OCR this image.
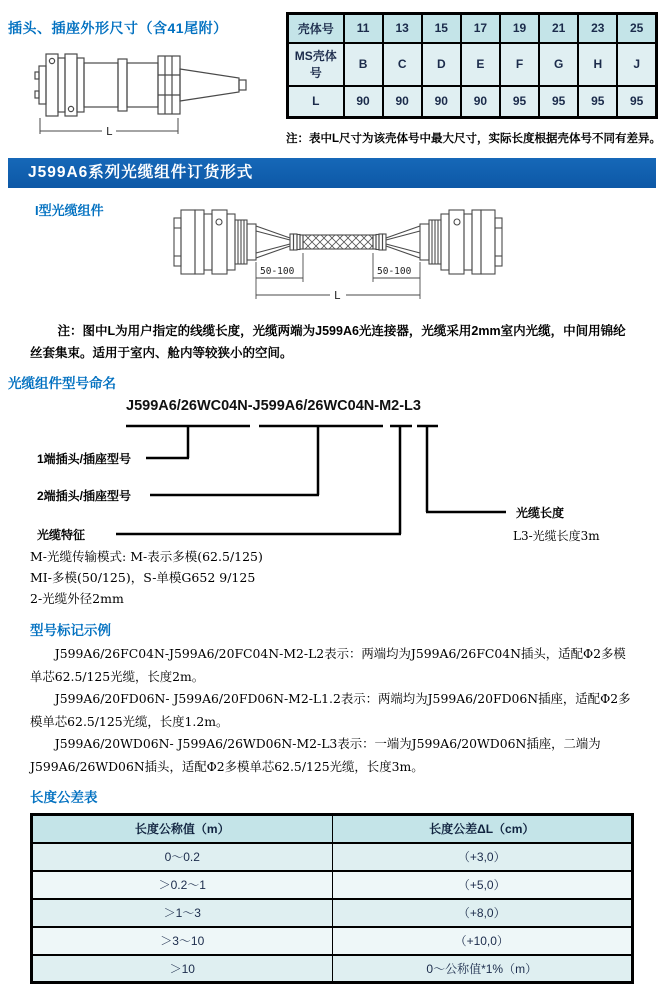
插头、插座外形尺寸（含41尾附）
L
壳体号	11	13	15	17	19	21	23	25
MS壳体号	B	C	D	E	F	G	H	J
L	90	90	90	90	95	95	95	95
注：表中L尺寸为该壳体号中最大尺寸，实际长度根据壳体号不同有差异。
J599A6系列光缆组件订货形式
I型光缆组件
50-100	50-100
L
注：图中L为用户指定的线缆长度，光缆两端为J599A6光连接器，光缆采用2mm室内光缆，中间用锦纶丝套集束。适用于室内、舱内等较狭小的空间。
光缆组件型号命名
J599A6/26WC04N-J599A6/26WC04N-M2-L3
1端插头/插座型号
2端插头/插座型号
光缆特征
光缆长度
L3-光缆长度3m
M-光缆传输模式: M-表示多模(62.5/125)
MI-多模(50/125)，S-单模G652 9/125
2-光缆外径2mm
型号标记示例

J599A6/26FC04N-J599A6/20FC04N-M2-L2表示：两端均为J599A6/26FC04N插头，适配Φ2多模单芯62.5/125光缆，长度2m。

J599A6/20FD06N- J599A6/20FD06N-M2-L1.2表示：两端均为J599A6/20FD06N插座，适配Φ2多模单芯62.5/125光缆，长度1.2m。

J599A6/20WD06N- J599A6/26WD06N-M2-L3表示：一端为J599A6/20WD06N插座，二端为J599A6/26WD06N插头，适配Φ2多模单芯62.5/125光缆，长度3m。

长度公差表
长度公称值（m）	长度公差ΔL（cm）
0～0.2	（+3,0）
＞0.2～1	（+5,0）
＞1～3	（+8,0）
＞3～10	（+10,0）
＞10	0～公称值*1%（m）
